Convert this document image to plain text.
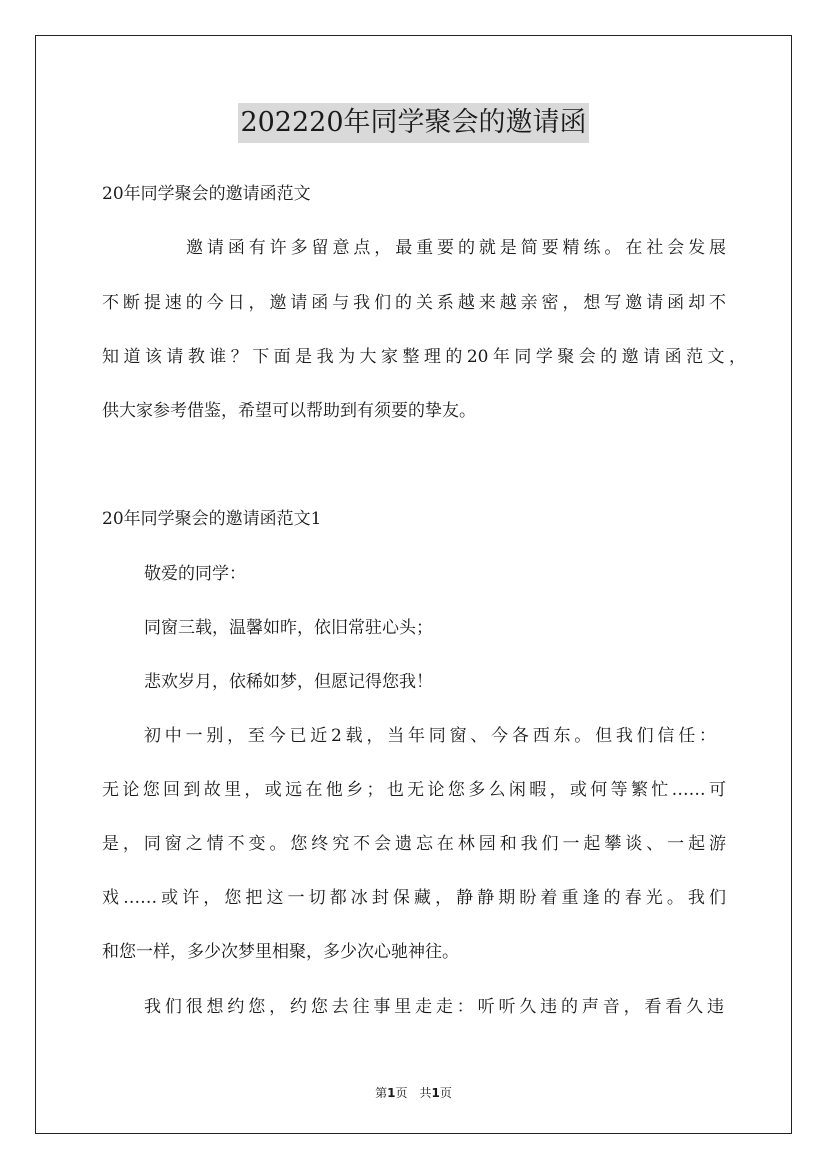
202220年同学聚会的邀请函
20年同学聚会的邀请函范文
邀请函有许多留意点，最重要的就是简要精练。在社会发展
不断提速的今日，邀请函与我们的关系越来越亲密，想写邀请函却不
知道该请教谁？下面是我为大家整理的20年同学聚会的邀请函范文，
供大家参考借鉴，希望可以帮助到有须要的挚友。
20年同学聚会的邀请函范文1
敬爱的同学：
同窗三载，温馨如昨，依旧常驻心头；
悲欢岁月，依稀如梦，但愿记得您我！
初中一别，至今已近2载，当年同窗、今各西东。但我们信任：
无论您回到故里，或远在他乡；也无论您多么闲暇，或何等繁忙……可
是，同窗之情不变。您终究不会遗忘在林园和我们一起攀谈、一起游
戏……或许，您把这一切都冰封保藏，静静期盼着重逢的春光。我们
和您一样，多少次梦里相聚，多少次心驰神往。
我们很想约您，约您去往事里走走：听听久违的声音，看看久违
第1页　共1页
